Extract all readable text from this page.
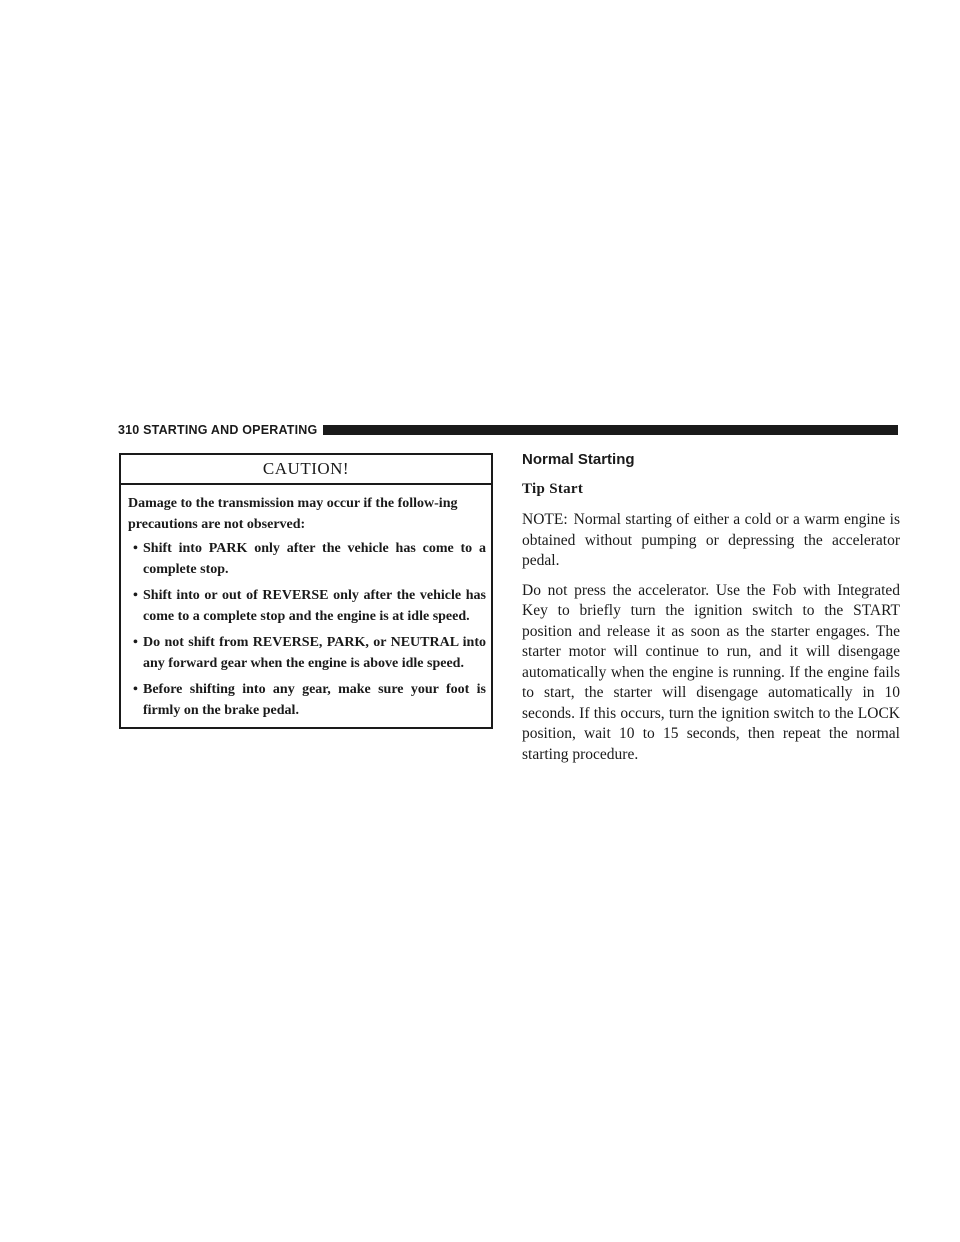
310 STARTING AND OPERATING
CAUTION!

Damage to the transmission may occur if the follow-ing precautions are not observed:

• Shift into PARK only after the vehicle has come to a complete stop.
• Shift into or out of REVERSE only after the vehicle has come to a complete stop and the engine is at idle speed.
• Do not shift from REVERSE, PARK, or NEUTRAL into any forward gear when the engine is above idle speed.
• Before shifting into any gear, make sure your foot is firmly on the brake pedal.
Normal Starting
Tip Start

NOTE: Normal starting of either a cold or a warm engine is obtained without pumping or depressing the accelerator pedal.

Do not press the accelerator. Use the Fob with Integrated Key to briefly turn the ignition switch to the START position and release it as soon as the starter engages. The starter motor will continue to run, and it will disengage automatically when the engine is running. If the engine fails to start, the starter will disengage automatically in 10 seconds. If this occurs, turn the ignition switch to the LOCK position, wait 10 to 15 seconds, then repeat the normal starting procedure.
